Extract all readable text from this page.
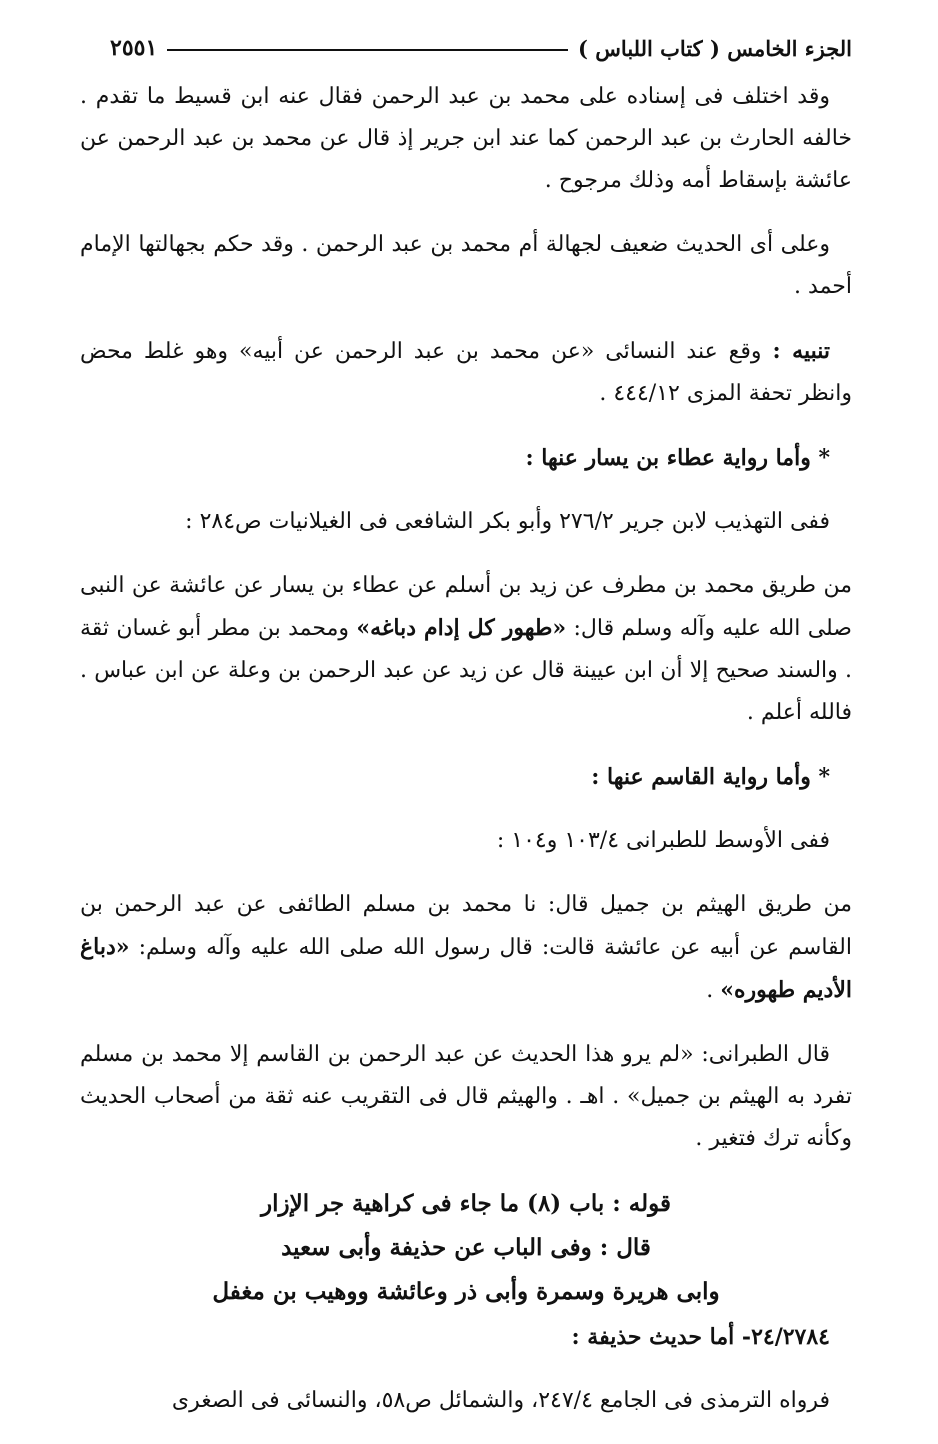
الجزء الخامس ( كتاب اللباس )
٢٥٥١

وقد اختلف فى إسناده على محمد بن عبد الرحمن فقال عنه ابن قسيط ما تقدم . خالفه الحارث بن عبد الرحمن كما عند ابن جرير إذ قال عن محمد بن عبد الرحمن عن عائشة بإسقاط أمه وذلك مرجوح .

وعلى أى الحديث ضعيف لجهالة أم محمد بن عبد الرحمن . وقد حكم بجهالتها الإمام أحمد .

تنبيه : وقع عند النسائى «عن محمد بن عبد الرحمن عن أبيه» وهو غلط محض وانظر تحفة المزى ٤٤٤/١٢ .

* وأما رواية عطاء بن يسار عنها :

ففى التهذيب لابن جرير ٢٧٦/٢ وأبو بكر الشافعى فى الغيلانيات ص٢٨٤ :

من طريق محمد بن مطرف عن زيد بن أسلم عن عطاء بن يسار عن عائشة عن النبى صلى الله عليه وآله وسلم قال: «طهور كل إدام دباغه» ومحمد بن مطر أبو غسان ثقة . والسند صحيح إلا أن ابن عيينة قال عن زيد عن عبد الرحمن بن وعلة عن ابن عباس . فالله أعلم .

* وأما رواية القاسم عنها :

ففى الأوسط للطبرانى ١٠٣/٤ و١٠٤ :

من طريق الهيثم بن جميل قال: نا محمد بن مسلم الطائفى عن عبد الرحمن بن القاسم عن أبيه عن عائشة قالت: قال رسول الله صلى الله عليه وآله وسلم: «دباغ الأديم طهوره» .

قال الطبرانى: «لم يرو هذا الحديث عن عبد الرحمن بن القاسم إلا محمد بن مسلم تفرد به الهيثم بن جميل» . اهـ . والهيثم قال فى التقريب عنه ثقة من أصحاب الحديث وكأنه ترك فتغير .

قوله : باب (٨) ما جاء فى كراهية جر الإزار
قال : وفى الباب عن حذيفة وأبى سعيد
وابى هريرة وسمرة وأبى ذر وعائشة ووهيب بن مغفل

٢٤/٢٧٨٤- أما حديث حذيفة :

فرواه الترمذى فى الجامع ٢٤٧/٤، والشمائل ص٥٨، والنسائى فى الصغرى
